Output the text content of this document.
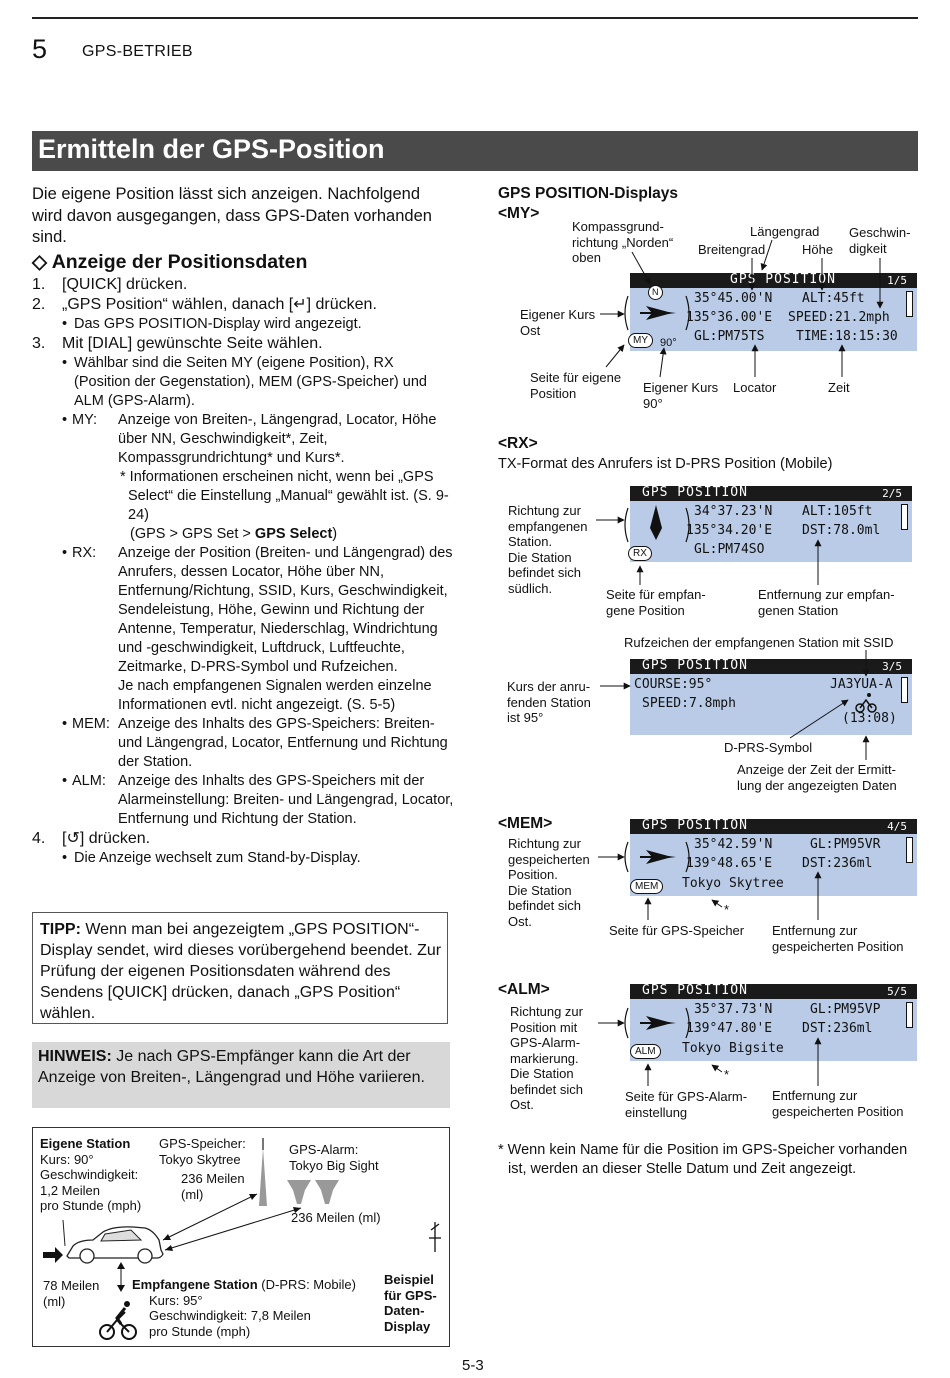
5 GPS-BETRIEB
Ermitteln der GPS-Position
Die eigene Position lässt sich anzeigen. Nachfolgend wird davon ausgegangen, dass GPS-Daten vorhanden sind.
◇ Anzeige der Positionsdaten
1. [QUICK] drücken.
2. „GPS Position“ wählen, danach [↵] drücken.
• Das GPS POSITION-Display wird angezeigt.
3. Mit [DIAL] gewünschte Seite wählen.
• Wählbar sind die Seiten MY (eigene Position), RX (Position der Gegenstation), MEM (GPS-Speicher) und ALM (GPS-Alarm).
• MY: Anzeige von Breiten-, Längengrad, Locator, Höhe über NN, Geschwindigkeit*, Zeit, Kompassgrundrichtung* und Kurs*.
* Informationen erscheinen nicht, wenn bei „GPS Select“ die Einstellung „Manual“ gewählt ist. (S. 9-24)
(GPS > GPS Set > GPS Select)
• RX: Anzeige der Position (Breiten- und Längengrad) des Anrufers, dessen Locator, Höhe über NN, Entfernung/Richtung, SSID, Kurs, Geschwindigkeit, Sendeleistung, Höhe, Gewinn und Richtung der Antenne, Temperatur, Niederschlag, Windrichtung und -geschwindigkeit, Luftdruck, Luftfeuchte, Zeitmarke, D-PRS-Symbol und Rufzeichen.
Je nach empfangenen Signalen werden einzelne Informationen evtl. nicht angezeigt. (S. 5-5)
• MEM: Anzeige des Inhalts des GPS-Speichers: Breiten- und Längengrad, Locator, Entfernung und Richtung der Station.
• ALM: Anzeige des Inhalts des GPS-Speichers mit der Alarmeinstellung: Breiten- und Längengrad, Locator, Entfernung und Richtung der Station.
4. [↺] drücken.
• Die Anzeige wechselt zum Stand-by-Display.
TIPP: Wenn man bei angezeigtem „GPS POSITION“-Display sendet, wird dieses vorübergehend beendet. Zur Prüfung der eigenen Positionsdaten während des Sendens [QUICK] drücken, danach „GPS Position“ wählen.
HINWEIS: Je nach GPS-Empfänger kann die Art der Anzeige von Breiten-, Längengrad und Höhe variieren.
Eigene Station
Kurs: 90°
Geschwindigkeit:
1,2 Meilen
pro Stunde (mph)
GPS-Speicher:
Tokyo Skytree
GPS-Alarm:
Tokyo Big Sight
236 Meilen
(ml)
236 Meilen (ml)
78 Meilen
(ml)
Empfangene Station (D-PRS: Mobile)
Kurs: 95°
Geschwindigkeit: 7,8 Meilen
pro Stunde (mph)
Beispiel
für GPS-
Daten-
Display
GPS POSITION-Displays
<MY>
Kompassgrund-
richtung „Norden“
oben
Breitengrad
Längengrad
Höhe
Geschwin-
digkeit
Eigener Kurs
Ost
Seite für eigene
Position	Eigener Kurs
90°
Locator	Zeit
GPS POSITION	1/5
35°45.00'N
135°36.00'E
GL:PM75TS
ALT:45ft
SPEED:21.2mph
TIME:18:15:30
MY	90°
N
<RX>
TX-Format des Anrufers ist D-PRS Position (Mobile)
Richtung zur
empfangenen
Station.
Die Station
befindet sich
südlich.	Seite für empfan-
gene Position
Entfernung zur empfan-
genen Station
GPS POSITION	2/5
34°37.23'N
135°34.20'E
GL:PM74SO
ALT:105ft
DST:78.0ml
RX
Rufzeichen der empfangenen Station mit SSID
Kurs der anru-
fenden Station
ist 95°
D-PRS-Symbol
Anzeige der Zeit der Ermitt-
lung der angezeigten Daten
GPS POSITION	3/5
COURSE:95°
SPEED:7.8mph
JA3YUA-A
(13:08)
<MEM>
Richtung zur
gespeicherten
Position.
Die Station
befindet sich
Ost.
Seite für GPS-Speicher Entfernung zur
gespeicherten Position
*
GPS POSITION	4/5
35°42.59'N
139°48.65'E
Tokyo Skytree
GL:PM95VR
DST:236ml
MEM
<ALM>
Richtung zur
Position mit
GPS-Alarm-
markierung.
Die Station
befindet sich
Ost.
Seite für GPS-Alarm-
einstellung
Entfernung zur
gespeicherten Position
*
GPS POSITION	5/5
35°37.73'N
139°47.80'E
Tokyo Bigsite
GL:PM95VP
DST:236ml
ALM
* Wenn kein Name für die Position im GPS-Speicher vorhanden ist, werden an dieser Stelle Datum und Zeit angezeigt.
5-3
